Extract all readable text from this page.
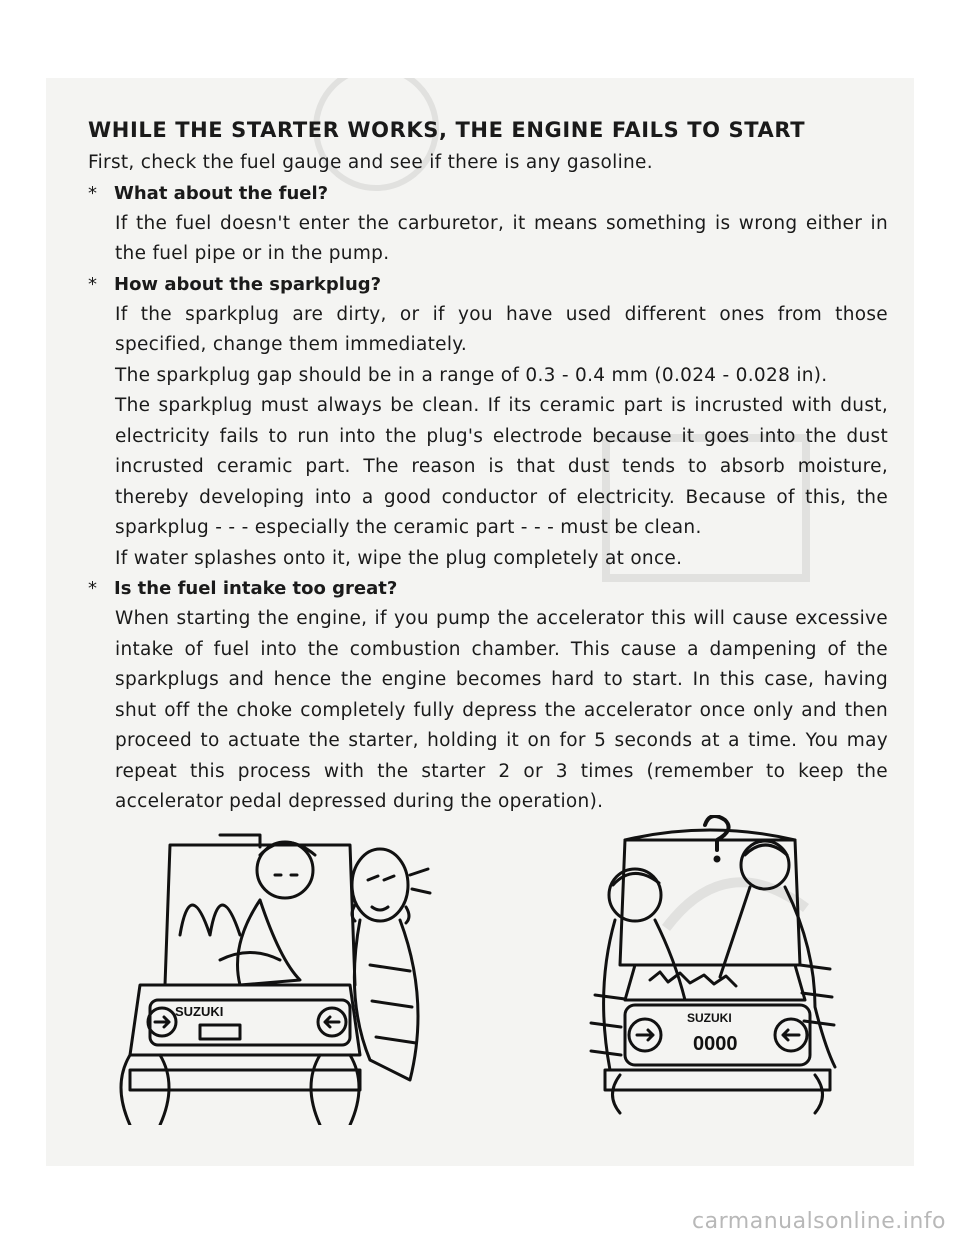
WHILE THE STARTER WORKS, THE ENGINE FAILS TO START

First, check the fuel gauge and see if there is any gasoline.

* What about the fuel?

If the fuel doesn't enter the carburetor, it means something is wrong either in the fuel pipe or in the pump.

* How about the sparkplug?

If the sparkplug are dirty, or if you have used different ones from those specified, change them immediately.

The sparkplug gap should be in a range of 0.3 - 0.4 mm (0.024 - 0.028 in).

The sparkplug must always be clean. If its ceramic part is incrusted with dust, electricity fails to run into the plug's electrode because it goes into the dust incrusted ceramic part. The reason is that dust tends to absorb moisture, thereby developing into a good conductor of electricity. Because of this, the sparkplug - - - especially the ceramic part - - - must be clean.

If water splashes onto it, wipe the plug completely at once.

* Is the fuel intake too great?

When starting the engine, if you pump the accelerator this will cause excessive intake of fuel into the combustion chamber. This cause a dampening of the sparkplugs and hence the engine becomes hard to start. In this case, having shut off the choke completely fully depress the accelerator once only and then proceed to actuate the starter, holding it on for 5 seconds at a time. You may repeat this process with the starter 2 or 3 times (remember to keep the accelerator pedal depressed during the operation).

SUZUKI	SUZUKI
0000
carmanualsonline.info
